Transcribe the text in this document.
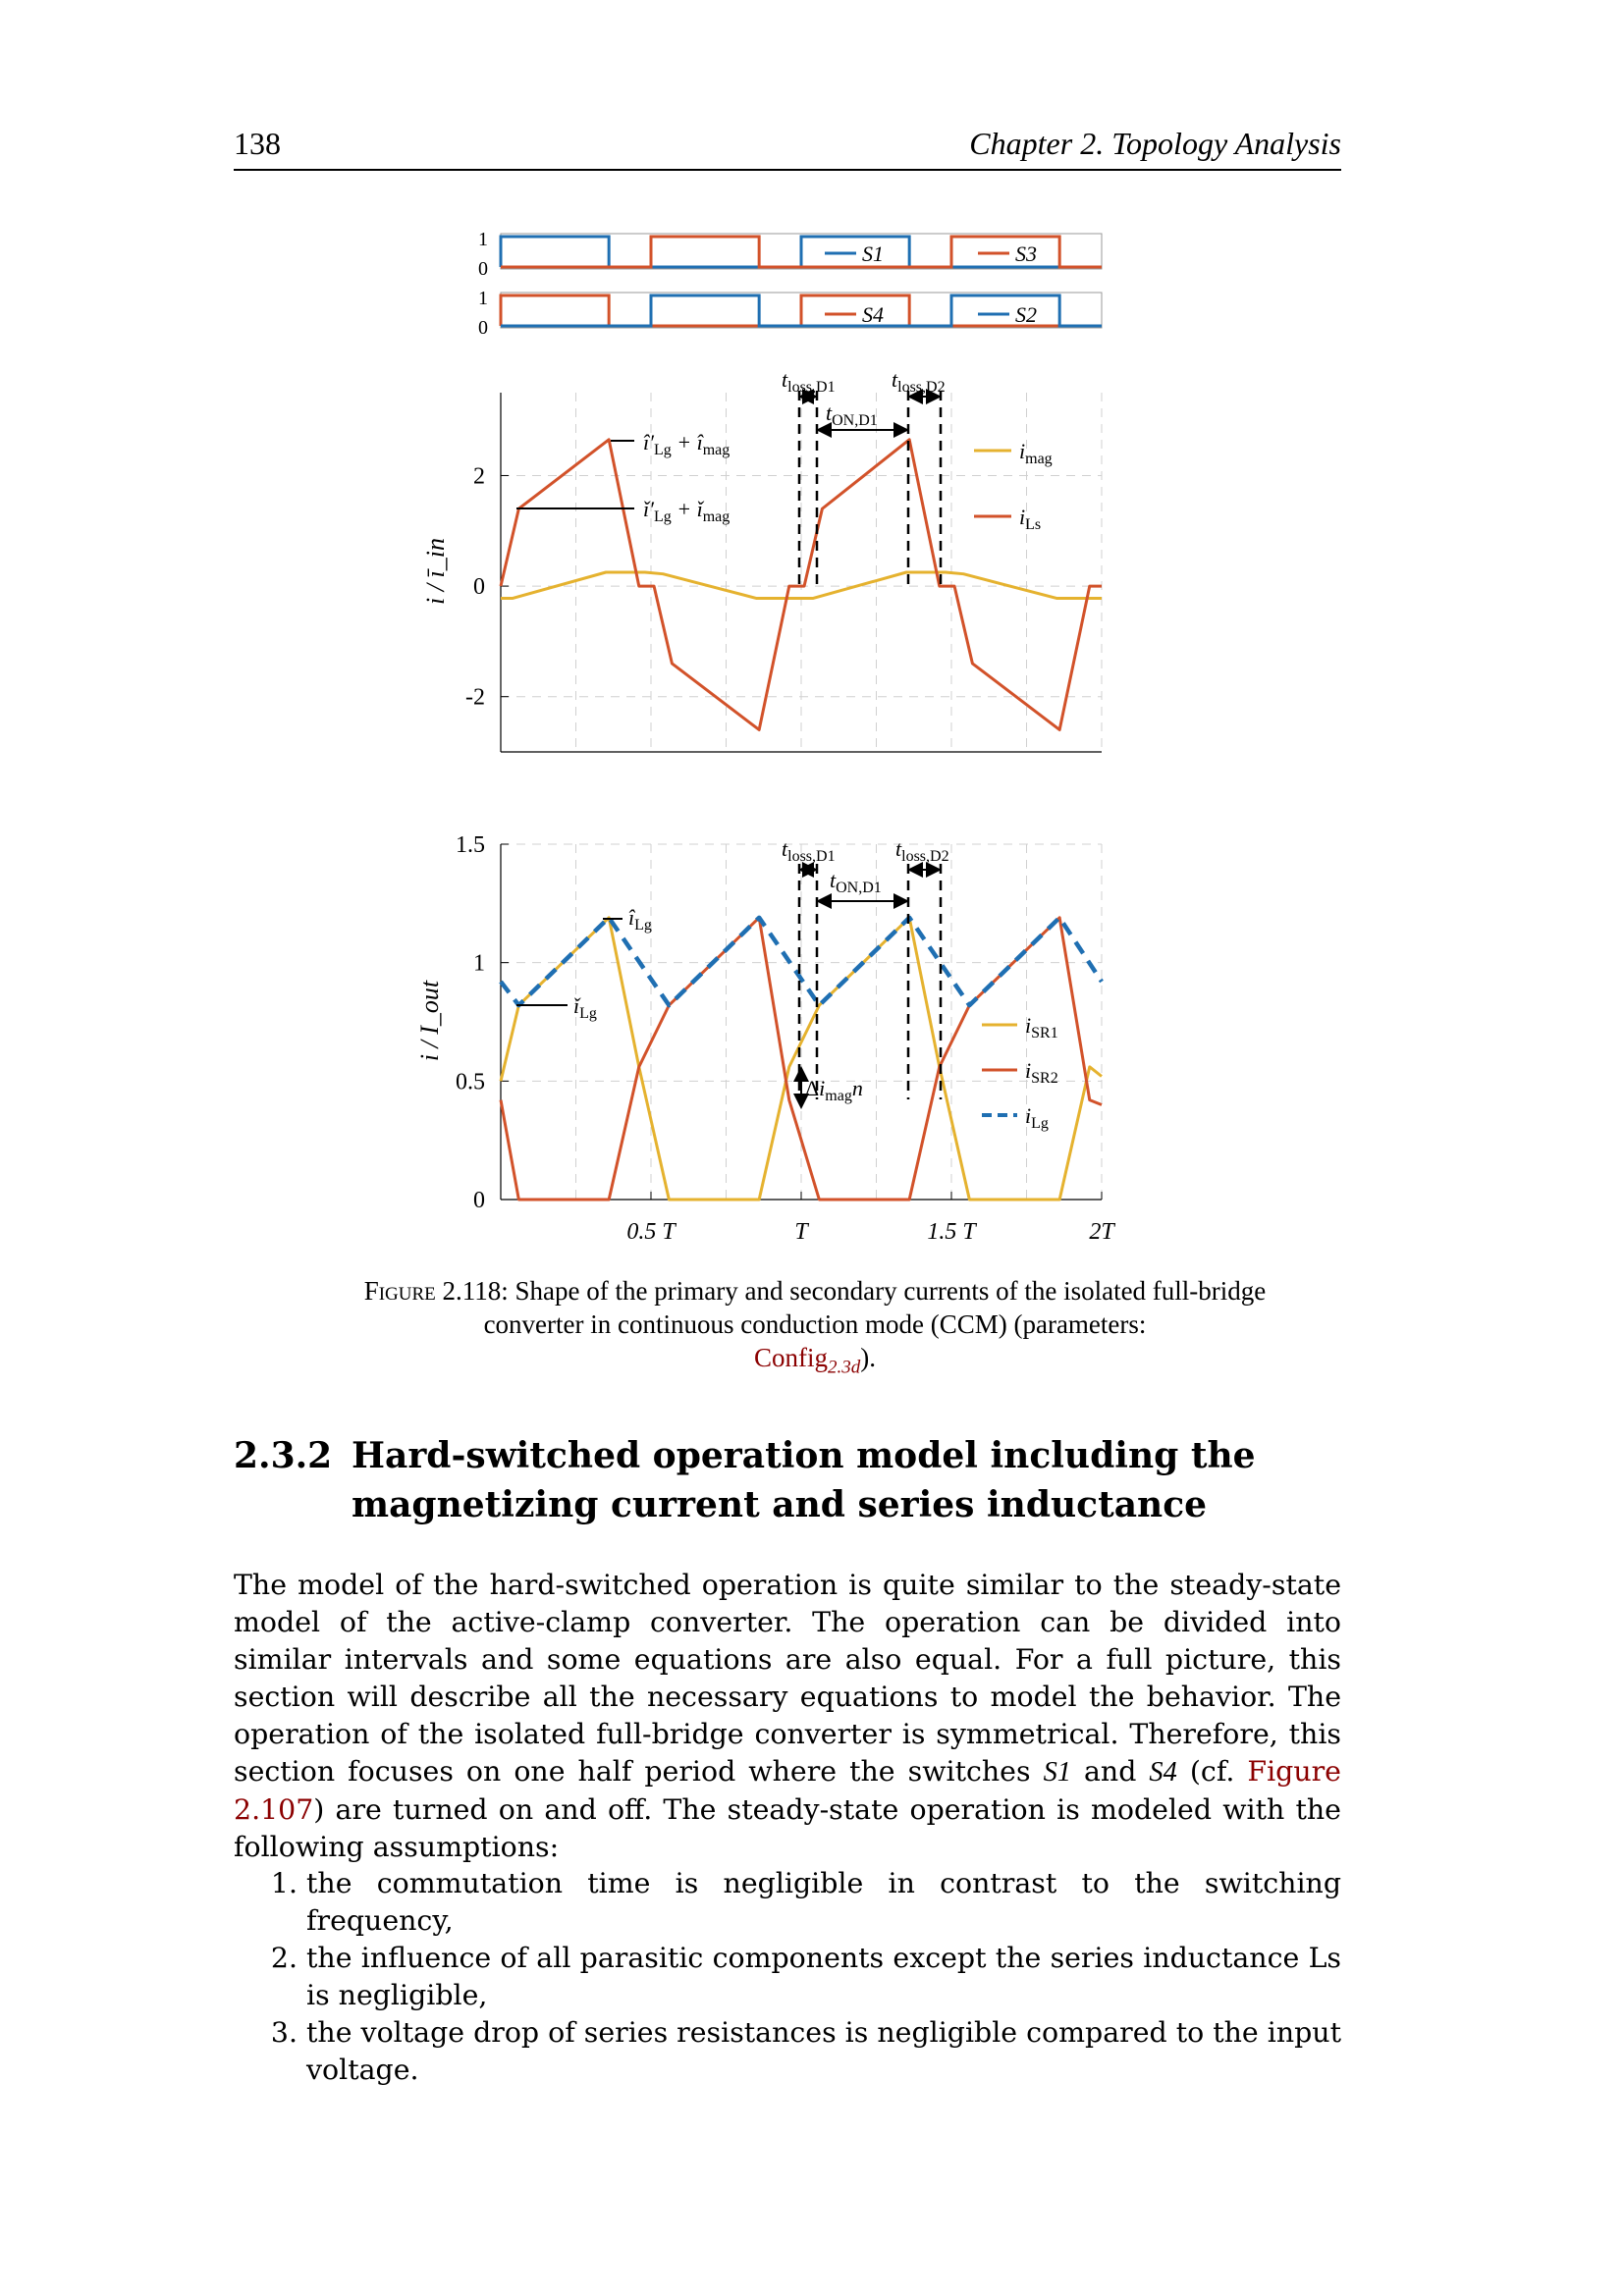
138	Chapter 2. Topology Analysis
1
0
S1	S3
1
0
S4	S2
i / ī_in
2
0
-2
$t_{loss,D1}$	$t_{loss,D2}$
$t_{ON,D1}$
$î'_{Lg}$ + $î_{mag}$
$ǐ'_{Lg}$ + $ǐ_{mag}$
$i_{mag}$
$i_{Ls}$
i / I_out
1.5
1
0.5
0
0.5 T	T	1.5 T	2T
$t_{loss,D1}$	$t_{loss,D2}$
$t_{ON,D1}$
$î_{Lg}$
$ǐ_{Lg}$
$\Delta i_{mag}n$
$i_{SR1}$
$i_{SR2}$
$i_{Lg}$
Figure 2.118: Shape of the primary and secondary currents of the isolated full-bridge converter in continuous conduction mode (CCM) (parameters:
Config$_{2.3d}$).
2.3.2 Hard-switched operation model including the magnetizing current and series inductance
The model of the hard-switched operation is quite similar to the steady-state model of the active-clamp converter. The operation can be divided into similar intervals and some equations are also equal. For a full picture, this section will describe all the necessary equations to model the behavior. The operation of the isolated full-bridge converter is symmetrical. Therefore, this section focuses on one half period where the switches S1 and S4 (cf. Figure 2.107) are turned on and off. The steady-state operation is modeled with the following assumptions:
1. the commutation time is negligible in contrast to the switching frequency,
2. the influence of all parasitic components except the series inductance Ls is negligible,
3. the voltage drop of series resistances is negligible compared to the input voltage.
